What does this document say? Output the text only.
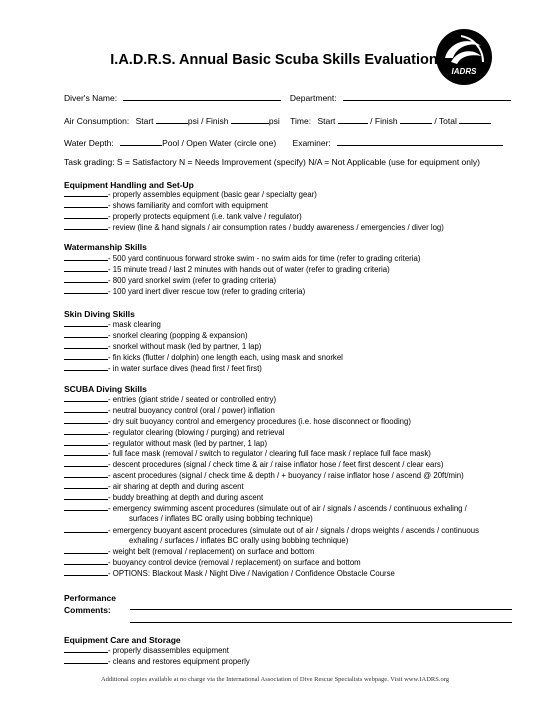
IADRS
I.A.D.R.S. Annual Basic Scuba Skills Evaluation
Diver's Name:	Department:
Air Consumption: Start	psi / Finish	psi Time: Start	/ Finish	/ Total
Water Depth:	Pool / Open Water (circle one) Examiner:
Task grading: S = Satisfactory N = Needs Improvement (specify) N/A = Not Applicable (use for equipment only)
Equipment Handling and Set-Up
- properly assembles equipment (basic gear / specialty gear)
- shows familiarity and comfort with equipment
- properly protects equipment (i.e. tank valve / regulator)
- review (line & hand signals / air consumption rates / buddy awareness / emergencies / diver log)
Watermanship Skills
- 500 yard continuous forward stroke swim - no swim aids for time (refer to grading criteria)
- 15 minute tread / last 2 minutes with hands out of water (refer to grading criteria)
- 800 yard snorkel swim (refer to grading criteria)
- 100 yard inert diver rescue tow (refer to grading criteria)
Skin Diving Skills
- mask clearing
- snorkel clearing (popping & expansion)
- snorkel without mask (led by partner, 1 lap)
- fin kicks (flutter / dolphin) one length each, using mask and snorkel
- in water surface dives (head first / feet first)
SCUBA Diving Skills
- entries (giant stride / seated or controlled entry)
- neutral buoyancy control (oral / power) inflation
- dry suit buoyancy control and emergency procedures (i.e. hose disconnect or flooding)
- regulator clearing (blowing / purging) and retrieval
- regulator without mask (led by partner, 1 lap)
- full face mask (removal / switch to regulator / clearing full face mask / replace full face mask)
- descent procedures (signal / check time & air / raise inflator hose / feet first descent / clear ears)
- ascent procedures (signal / check time & depth / + buoyancy / raise inflator hose / ascend @ 20ft/min)
- air sharing at depth and during ascent
- buddy breathing at depth and during ascent
- emergency swimming ascent procedures (simulate out of air / signals / ascends / continuous exhaling /
surfaces / inflates BC orally using bobbing technique)
- emergency buoyant ascent procedures (simulate out of air / signals / drops weights / ascends / continuous
exhaling / surfaces / inflates BC orally using bobbing technique)
- weight belt (removal / replacement) on surface and bottom
- buoyancy control device (removal / replacement) on surface and bottom
- OPTIONS: Blackout Mask / Night Dive / Navigation / Confidence Obstacle Course
Performance
Comments:
Equipment Care and Storage
- properly disassembles equipment
- cleans and restores equipment properly
Additional copies available at no charge via the International Association of Dive Rescue Specialists webpage. Visit www.IADRS.org
